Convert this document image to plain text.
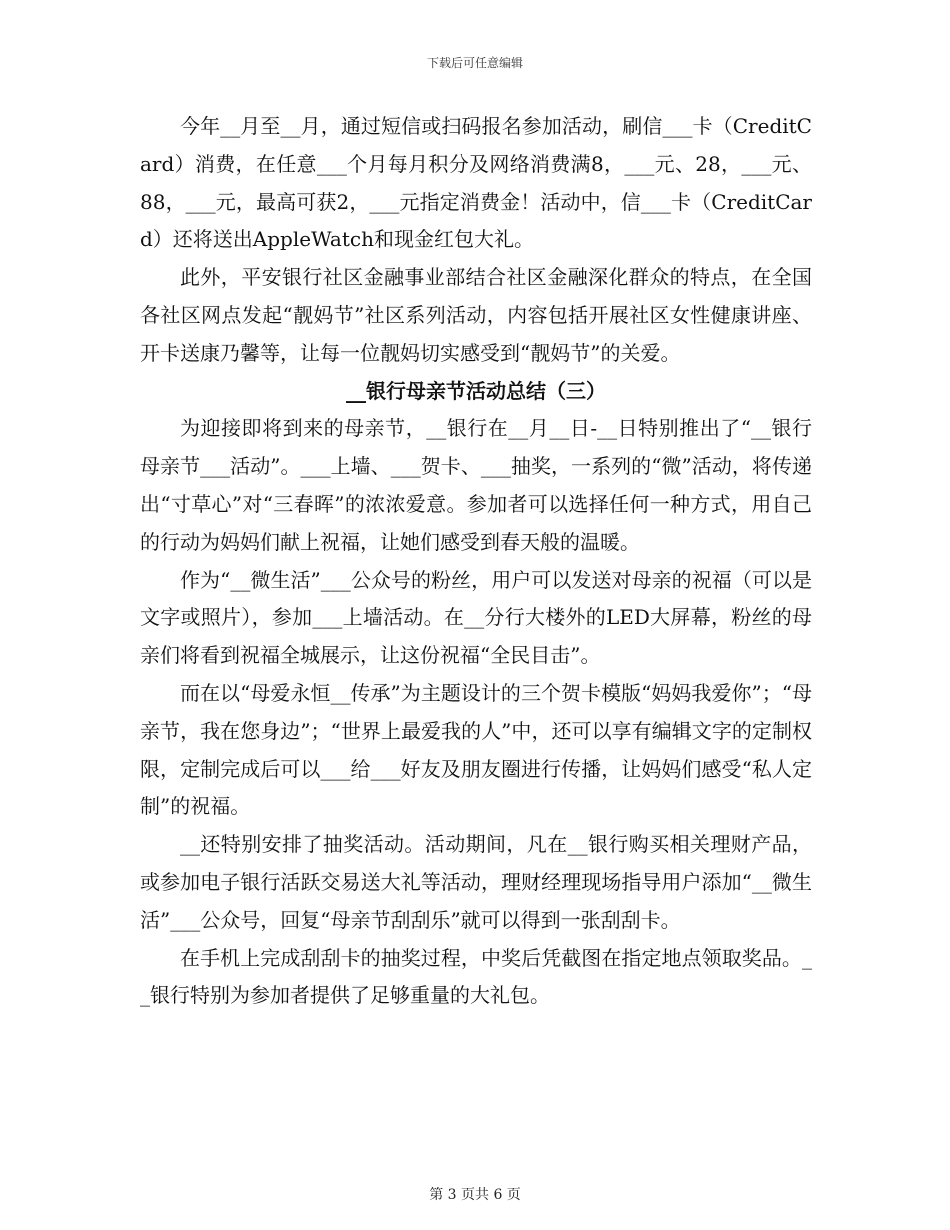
下载后可任意编辑

今年__月至__月，通过短信或扫码报名参加活动，刷信___卡（CreditCard）消费，在任意___个月每月积分及网络消费满8，___元、28，___元、88，___元，最高可获2，___元指定消费金！活动中，信___卡（CreditCard）还将送出AppleWatch和现金红包大礼。

此外，平安银行社区金融事业部结合社区金融深化群众的特点，在全国各社区网点发起“靓妈节”社区系列活动，内容包括开展社区女性健康讲座、开卡送康乃馨等，让每一位靓妈切实感受到“靓妈节”的关爱。

__银行母亲节活动总结（三）

为迎接即将到来的母亲节，__银行在__月__日-__日特别推出了“__银行母亲节___活动”。___上墙、___贺卡、___抽奖，一系列的“微”活动，将传递出“寸草心”对“三春晖”的浓浓爱意。参加者可以选择任何一种方式，用自己的行动为妈妈们献上祝福，让她们感受到春天般的温暖。

作为“__微生活”___公众号的粉丝，用户可以发送对母亲的祝福（可以是文字或照片），参加___上墙活动。在__分行大楼外的LED大屏幕，粉丝的母亲们将看到祝福全城展示，让这份祝福“全民目击”。

而在以“母爱永恒__传承”为主题设计的三个贺卡模版“妈妈我爱你”；“母亲节，我在您身边”；“世界上最爱我的人”中，还可以享有编辑文字的定制权限，定制完成后可以___给___好友及朋友圈进行传播，让妈妈们感受“私人定制”的祝福。

__还特别安排了抽奖活动。活动期间，凡在__银行购买相关理财产品，或参加电子银行活跃交易送大礼等活动，理财经理现场指导用户添加“__微生活”___公众号，回复“母亲节刮刮乐”就可以得到一张刮刮卡。

在手机上完成刮刮卡的抽奖过程，中奖后凭截图在指定地点领取奖品。__银行特别为参加者提供了足够重量的大礼包。

第 3 页共 6 页
